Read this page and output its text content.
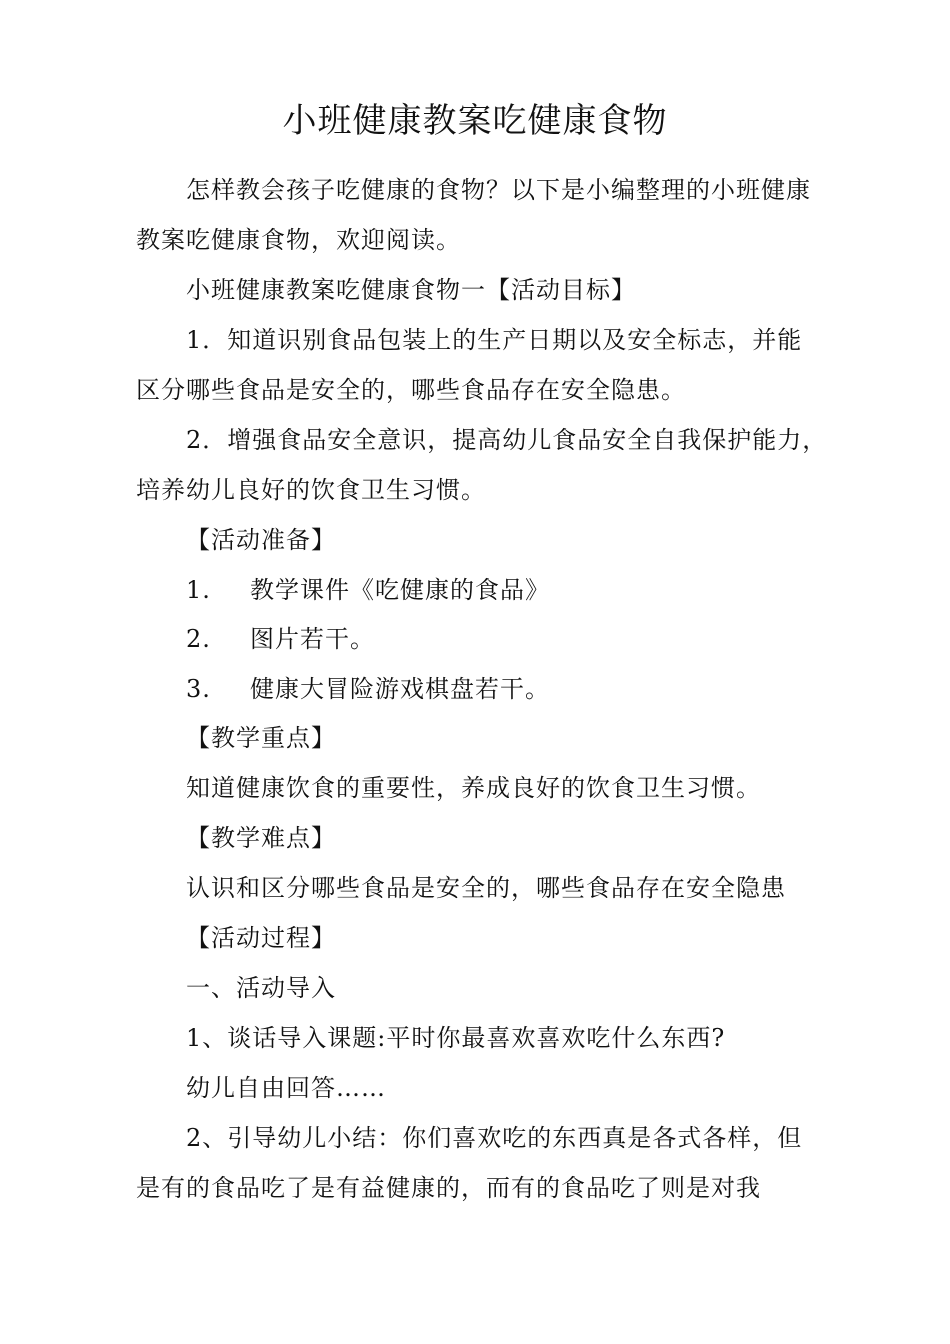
小班健康教案吃健康食物
怎样教会孩子吃健康的食物？以下是小编整理的小班健康
教案吃健康食物，欢迎阅读。
小班健康教案吃健康食物一【活动目标】
1．知道识别食品包装上的生产日期以及安全标志，并能
区分哪些食品是安全的，哪些食品存在安全隐患。
2．增强食品安全意识，提高幼儿食品安全自我保护能力，
培养幼儿良好的饮食卫生习惯。
【活动准备】
1. 教学课件《吃健康的食品》
2. 图片若干。
3. 健康大冒险游戏棋盘若干。
【教学重点】
知道健康饮食的重要性，养成良好的饮食卫生习惯。
【教学难点】
认识和区分哪些食品是安全的，哪些食品存在安全隐患
【活动过程】
一、活动导入
1、谈话导入课题:平时你最喜欢喜欢吃什么东西?
幼儿自由回答……
2、引导幼儿小结：你们喜欢吃的东西真是各式各样，但
是有的食品吃了是有益健康的，而有的食品吃了则是对我
